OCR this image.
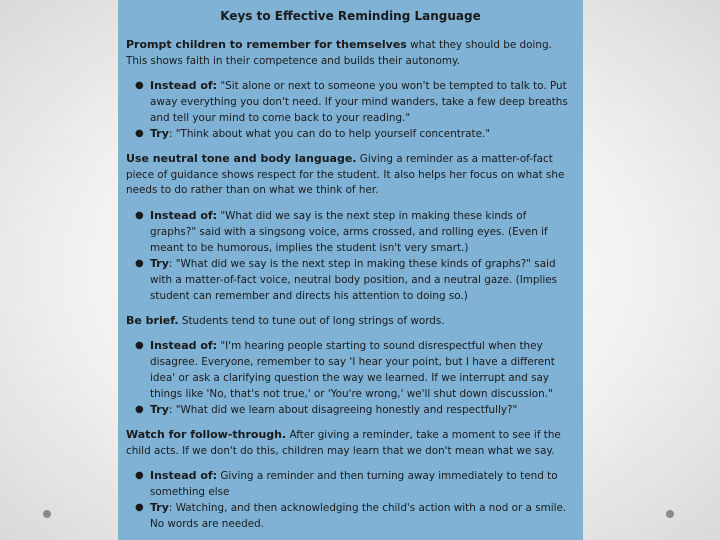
Keys to Effective Reminding Language

Prompt children to remember for themselves what they should be doing. This shows faith in their competence and builds their autonomy.

● Instead of: "Sit alone or next to someone you won't be tempted to talk to. Put away everything you don't need. If your mind wanders, take a few deep breaths and tell your mind to come back to your reading."
● Try: "Think about what you can do to help yourself concentrate."

Use neutral tone and body language. Giving a reminder as a matter-of-fact piece of guidance shows respect for the student. It also helps her focus on what she needs to do rather than on what we think of her.

● Instead of: "What did we say is the next step in making these kinds of graphs?" said with a singsong voice, arms crossed, and rolling eyes. (Even if meant to be humorous, implies the student isn't very smart.)
● Try: "What did we say is the next step in making these kinds of graphs?" said with a matter-of-fact voice, neutral body position, and a neutral gaze. (Implies student can remember and directs his attention to doing so.)

Be brief. Students tend to tune out of long strings of words.

● Instead of: "I'm hearing people starting to sound disrespectful when they disagree. Everyone, remember to say 'I hear your point, but I have a different idea' or ask a clarifying question the way we learned. If we interrupt and say things like 'No, that's not true,' or 'You're wrong,' we'll shut down discussion."
● Try: "What did we learn about disagreeing honestly and respectfully?"

Watch for follow-through. After giving a reminder, take a moment to see if the child acts. If we don't do this, children may learn that we don't mean what we say.

● Instead of: Giving a reminder and then turning away immediately to tend to something else
● Try: Watching, and then acknowledging the child's action with a nod or a smile. No words are needed.
